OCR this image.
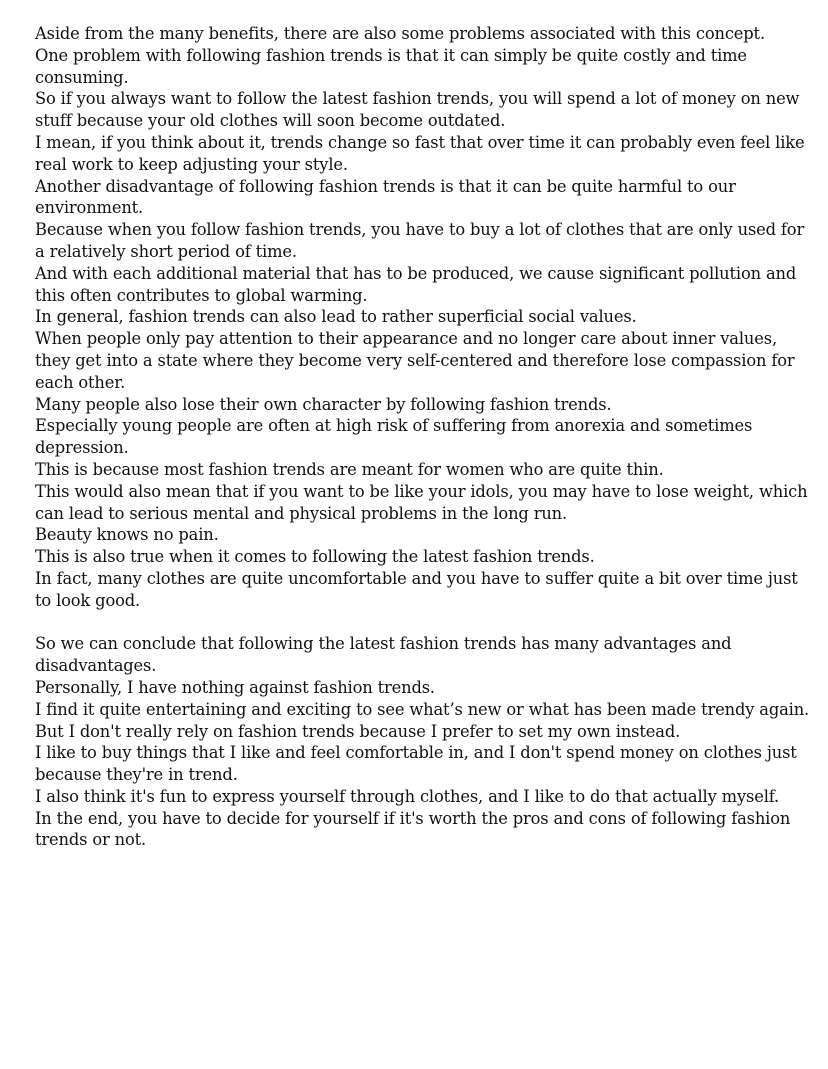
Aside from the many benefits, there are also some problems associated with this concept.

One problem with following fashion trends is that it can simply be quite costly and time consuming.

So if you always want to follow the latest fashion trends, you will spend a lot of money on new stuff because your old clothes will soon become outdated.

I mean, if you think about it, trends change so fast that over time it can probably even feel like real work to keep adjusting your style.

Another disadvantage of following fashion trends is that it can be quite harmful to our environment.

Because when you follow fashion trends, you have to buy a lot of clothes that are only used for a relatively short period of time.

And with each additional material that has to be produced, we cause significant pollution and this often contributes to global warming.

In general, fashion trends can also lead to rather superficial social values.

When people only pay attention to their appearance and no longer care about inner values, they get into a state where they become very self-centered and therefore lose compassion for each other.

Many people also lose their own character by following fashion trends.

Especially young people are often at high risk of suffering from anorexia and sometimes depression.

This is because most fashion trends are meant for women who are quite thin.

This would also mean that if you want to be like your idols, you may have to lose weight, which can lead to serious mental and physical problems in the long run.

Beauty knows no pain.

This is also true when it comes to following the latest fashion trends.

In fact, many clothes are quite uncomfortable and you have to suffer quite a bit over time just to look good.

So we can conclude that following the latest fashion trends has many advantages and disadvantages.

Personally, I have nothing against fashion trends.

I find it quite entertaining and exciting to see what’s new or what has been made trendy again.

But I don't really rely on fashion trends because I prefer to set my own instead.

I like to buy things that I like and feel comfortable in, and I don't spend money on clothes just because they're in trend.

I also think it's fun to express yourself through clothes, and I like to do that actually myself.

In the end, you have to decide for yourself if it's worth the pros and cons of following fashion trends or not.
